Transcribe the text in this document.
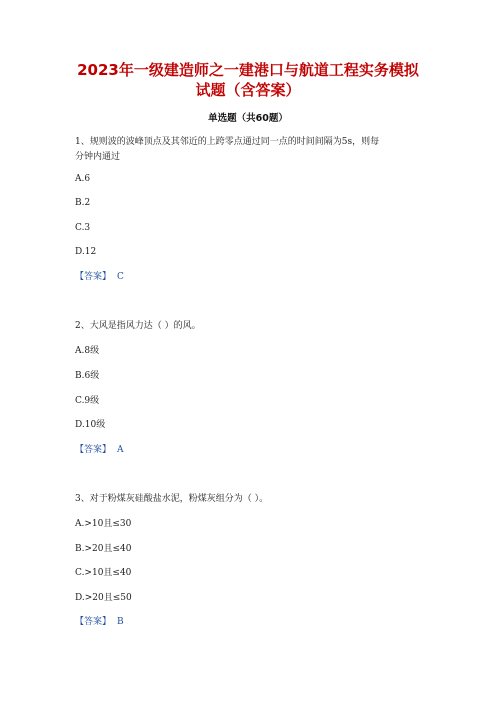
2023年一级建造师之一建港口与航道工程实务模拟
试题（含答案）
单选题（共60题）
1、规则波的波峰顶点及其邻近的上跨零点通过同一点的时间间隔为5s，则每
分钟内通过
A.6
B.2
C.3
D.12
【答案】 C
2、大风是指风力达（ ）的风。
A.8级
B.6级
C.9级
D.10级
【答案】 A
3、对于粉煤灰硅酸盐水泥，粉煤灰组分为（ ）。
A.>10且≤30
B.>20且≤40
C.>10且≤40
D.>20且≤50
【答案】 B
